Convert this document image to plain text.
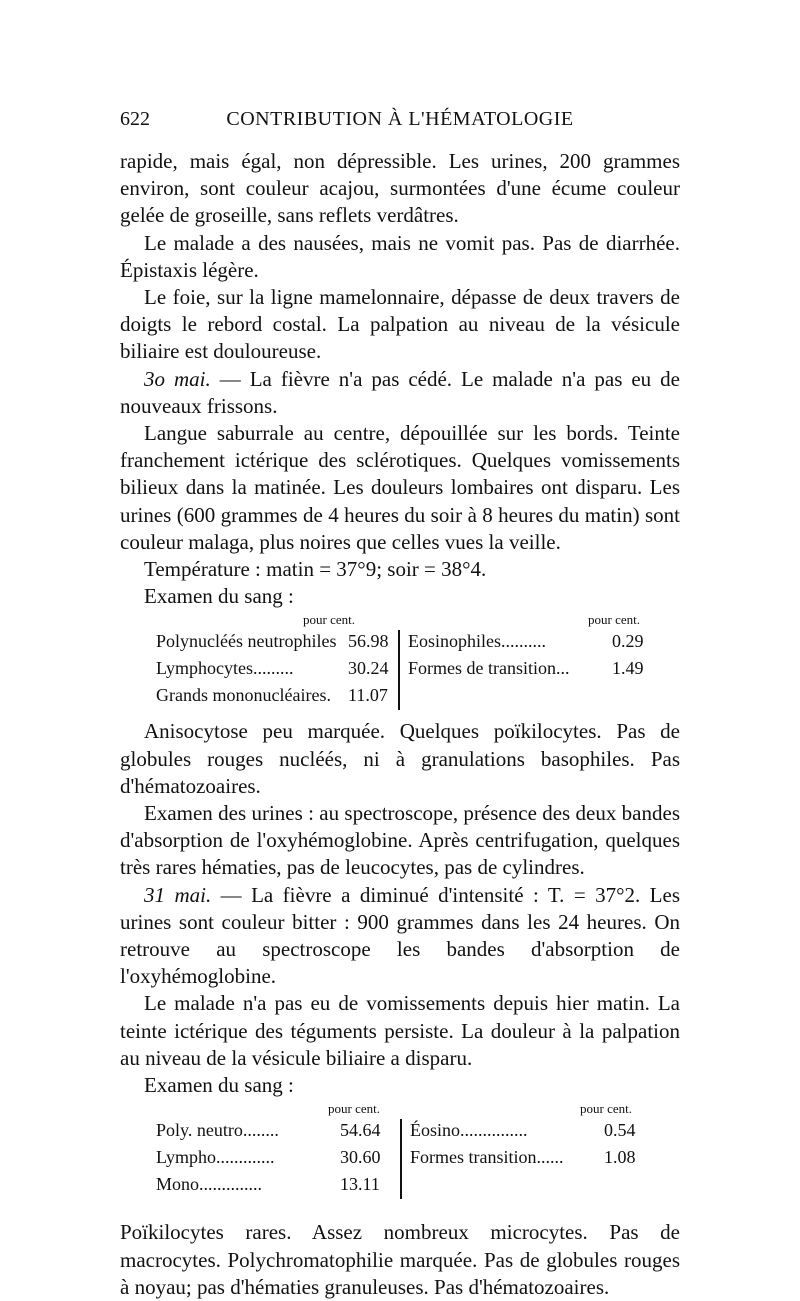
622	CONTRIBUTION À L'HÉMATOLOGIE

rapide, mais égal, non dépressible. Les urines, 200 grammes environ, sont couleur acajou, surmontées d'une écume couleur gelée de groseille, sans reflets verdâtres.

Le malade a des nausées, mais ne vomit pas. Pas de diarrhée. Épistaxis légère.

Le foie, sur la ligne mamelonnaire, dépasse de deux travers de doigts le rebord costal. La palpation au niveau de la vésicule biliaire est douloureuse.

3o mai. — La fièvre n'a pas cédé. Le malade n'a pas eu de nouveaux frissons.

Langue saburrale au centre, dépouillée sur les bords. Teinte franchement ictérique des sclérotiques. Quelques vomissements bilieux dans la matinée. Les douleurs lombaires ont disparu. Les urines (600 grammes de 4 heures du soir à 8 heures du matin) sont couleur malaga, plus noires que celles vues la veille.

Température : matin = 37°9; soir = 38°4.

Examen du sang :

pour cent.	pour cent.
Polynucléés neutrophiles 56.98 Eosinophiles..........	0.29
Lymphocytes.........	30.24 Formes de transition... 1.49
Grands mononucléaires. 11.07

Anisocytose peu marquée. Quelques poïkilocytes. Pas de globules rouges nucléés, ni à granulations basophiles. Pas d'hématozoaires.

Examen des urines : au spectroscope, présence des deux bandes d'absorption de l'oxyhémoglobine. Après centrifugation, quelques très rares hématies, pas de leucocytes, pas de cylindres.

31 mai. — La fièvre a diminué d'intensité : T. = 37°2. Les urines sont couleur bitter : 900 grammes dans les 24 heures. On retrouve au spectroscope les bandes d'absorption de l'oxyhémoglobine.

Le malade n'a pas eu de vomissements depuis hier matin. La teinte ictérique des téguments persiste. La douleur à la palpation au niveau de la vésicule biliaire a disparu.

Examen du sang :

pour cent.	pour cent.
Poly. neutro........	54.64 Éosino...............	0.54
Lympho.............	30.60 Formes transition...... 1.08
Mono..............	13.11

Poïkilocytes rares. Assez nombreux microcytes. Pas de macrocytes. Polychromatophilie marquée. Pas de globules rouges à noyau; pas d'hématies granuleuses. Pas d'hématozoaires.
